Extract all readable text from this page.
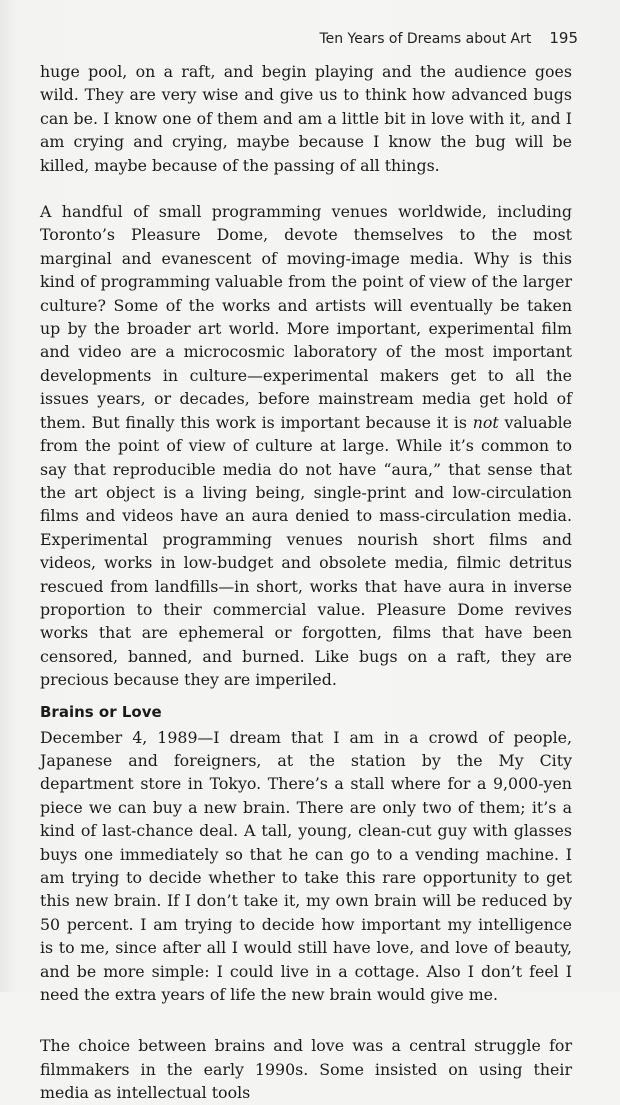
Ten Years of Dreams about Art 195

huge pool, on a raft, and begin playing and the audience goes wild. They are very wise and give us to think how advanced bugs can be. I know one of them and am a little bit in love with it, and I am crying and crying, maybe because I know the bug will be killed, maybe because of the passing of all things.

A handful of small programming venues worldwide, including Toronto’s Pleasure Dome, devote themselves to the most marginal and evanescent of moving-image media. Why is this kind of programming valuable from the point of view of the larger culture? Some of the works and artists will eventually be taken up by the broader art world. More important, experimental film and video are a microcosmic laboratory of the most important developments in culture—experimental makers get to all the issues years, or decades, before mainstream media get hold of them. But finally this work is important because it is not valuable from the point of view of culture at large. While it’s common to say that reproducible media do not have “aura,” that sense that the art object is a living being, single-print and low-circulation films and videos have an aura denied to mass-circulation media. Experimental programming venues nourish short films and videos, works in low-budget and obsolete media, filmic detritus rescued from landfills—in short, works that have aura in inverse proportion to their commercial value. Pleasure Dome revives works that are ephemeral or forgotten, films that have been censored, banned, and burned. Like bugs on a raft, they are precious because they are imperiled.

Brains or Love

December 4, 1989—I dream that I am in a crowd of people, Japanese and foreigners, at the station by the My City department store in Tokyo. There’s a stall where for a 9,000-yen piece we can buy a new brain. There are only two of them; it’s a kind of last-chance deal. A tall, young, clean-cut guy with glasses buys one immediately so that he can go to a vending machine. I am trying to decide whether to take this rare opportunity to get this new brain. If I don’t take it, my own brain will be reduced by 50 percent. I am trying to decide how important my intelligence is to me, since after all I would still have love, and love of beauty, and be more simple: I could live in a cottage. Also I don’t feel I need the extra years of life the new brain would give me.

The choice between brains and love was a central struggle for filmmakers in the early 1990s. Some insisted on using their media as intellectual tools
